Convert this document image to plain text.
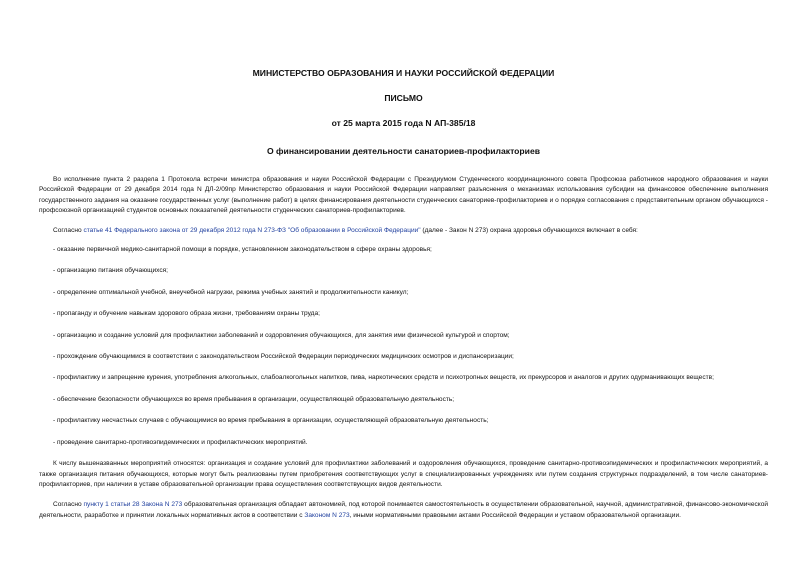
МИНИСТЕРСТВО ОБРАЗОВАНИЯ И НАУКИ РОССИЙСКОЙ ФЕДЕРАЦИИ

ПИСЬМО

от 25 марта 2015 года N АП-385/18

О финансировании деятельности санаториев-профилакториев

Во исполнение пункта 2 раздела 1 Протокола встречи министра образования и науки Российской Федерации с Президиумом Студенческого координационного совета Профсоюза работников народного образования и науки Российской Федерации от 29 декабря 2014 года N ДЛ-2/09пр Министерство образования и науки Российской Федерации направляет разъяснения о механизмах использования субсидии на финансовое обеспечение выполнения государственного задания на оказание государственных услуг (выполнение работ) в целях финансирования деятельности студенческих санаториев-профилакториев и о порядке согласования с представительным органом обучающихся - профсоюзной организацией студентов основных показателей деятельности студенческих санаториев-профилакториев.

Согласно статье 41 Федерального закона от 29 декабря 2012 года N 273-ФЗ "Об образовании в Российской Федерации" (далее - Закон N 273) охрана здоровья обучающихся включает в себя:

- оказание первичной медико-санитарной помощи в порядке, установленном законодательством в сфере охраны здоровья;

- организацию питания обучающихся;

- определение оптимальной учебной, внеучебной нагрузки, режима учебных занятий и продолжительности каникул;

- пропаганду и обучение навыкам здорового образа жизни, требованиям охраны труда;

- организацию и создание условий для профилактики заболеваний и оздоровления обучающихся, для занятия ими физической культурой и спортом;

- прохождение обучающимися в соответствии с законодательством Российской Федерации периодических медицинских осмотров и диспансеризации;

- профилактику и запрещение курения, употребления алкогольных, слабоалкогольных напитков, пива, наркотических средств и психотропных веществ, их прекурсоров и аналогов и других одурманивающих веществ;

- обеспечение безопасности обучающихся во время пребывания в организации, осуществляющей образовательную деятельность;

- профилактику несчастных случаев с обучающимися во время пребывания в организации, осуществляющей образовательную деятельность;

- проведение санитарно-противоэпидемических и профилактических мероприятий.

К числу вышеназванных мероприятий относятся: организация и создание условий для профилактики заболеваний и оздоровления обучающихся, проведение санитарно-противоэпидемических и профилактических мероприятий, а также организация питания обучающихся, которые могут быть реализованы путем приобретения соответствующих услуг в специализированных учреждениях или путем создания структурных подразделений, в том числе санаториев-профилакториев, при наличии в уставе образовательной организации права осуществления соответствующих видов деятельности.

Согласно пункту 1 статьи 28 Закона N 273 образовательная организация обладает автономией, под которой понимается самостоятельность в осуществлении образовательной, научной, административной, финансово-экономической деятельности, разработке и принятии локальных нормативных актов в соответствии с Законом N 273, иными нормативными правовыми актами Российской Федерации и уставом образовательной организации.
